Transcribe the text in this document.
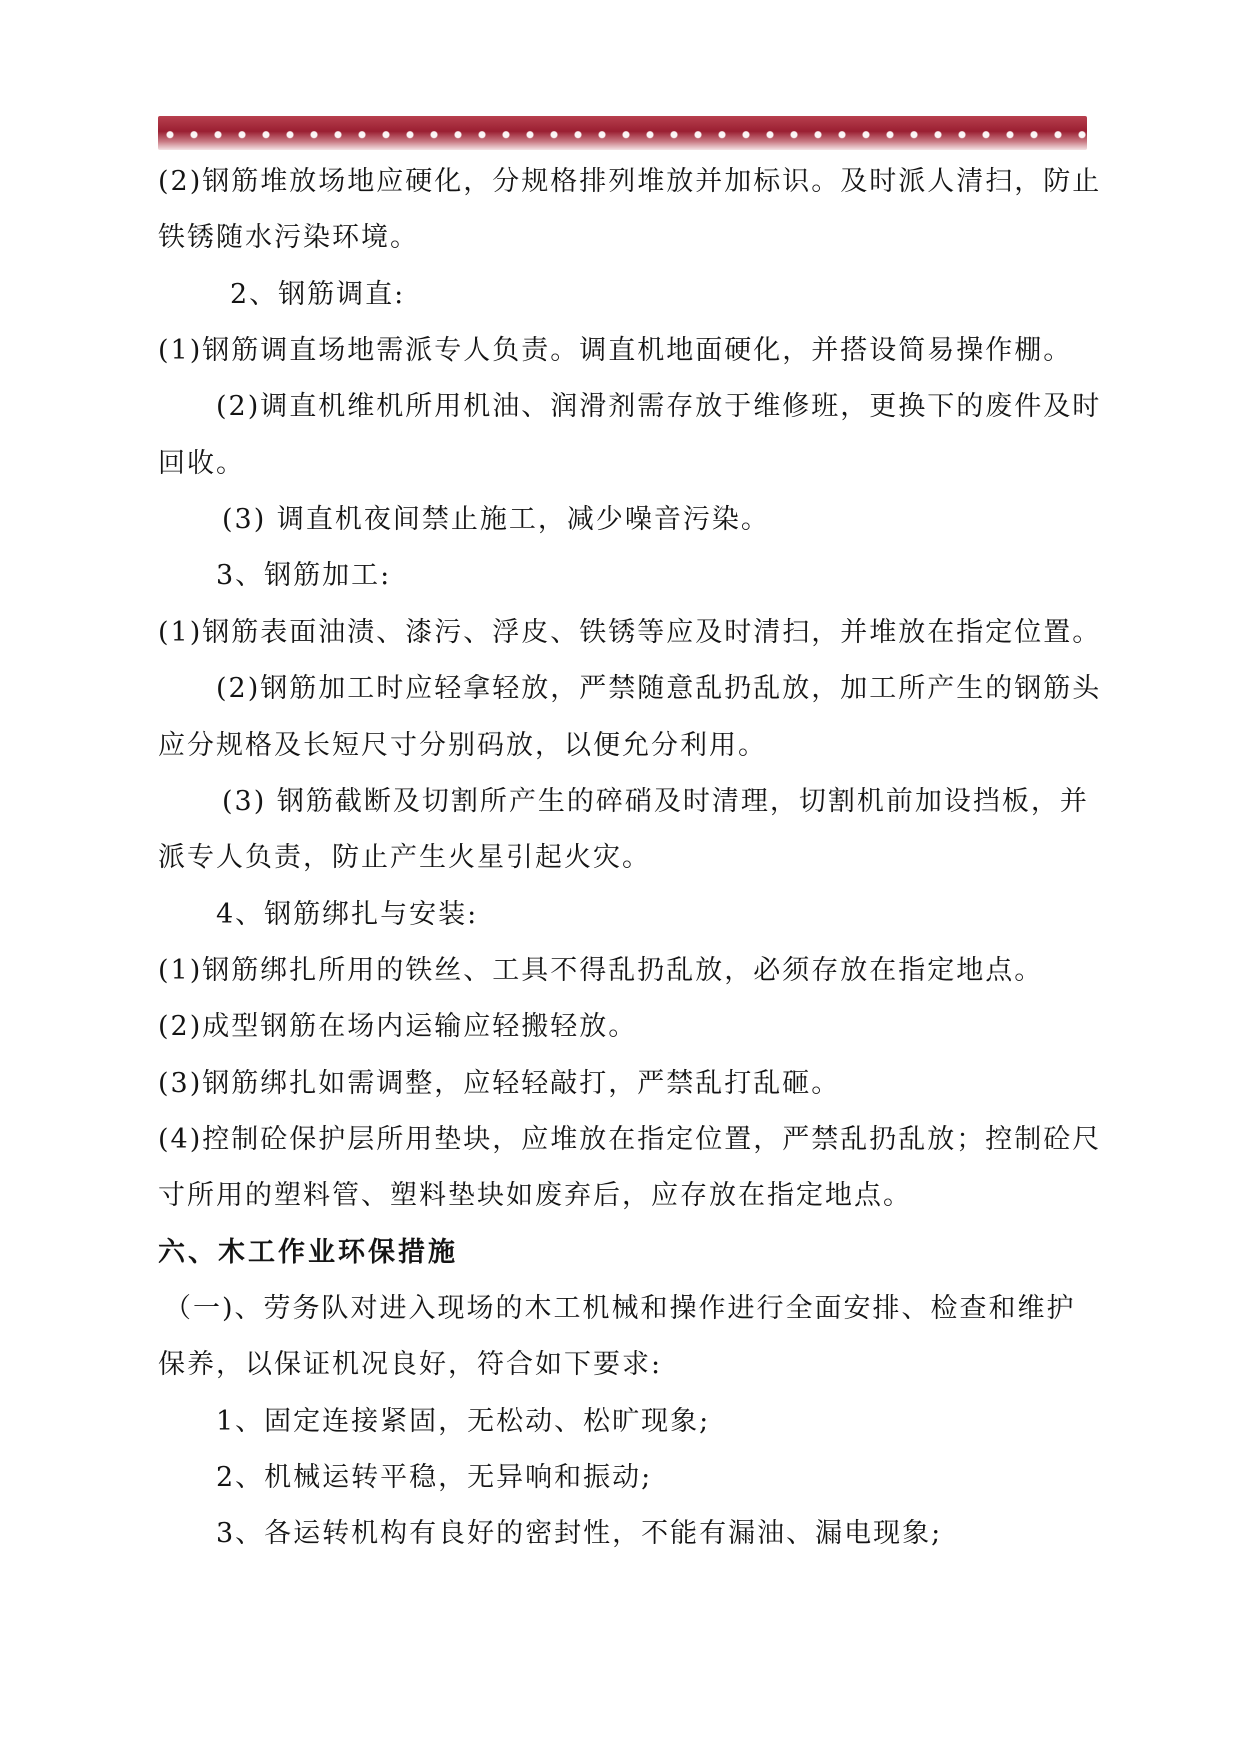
(2)钢筋堆放场地应硬化，分规格排列堆放并加标识。及时派人清扫，防止
铁锈随水污染环境。
2、钢筋调直:
(1)钢筋调直场地需派专人负责。调直机地面硬化，并搭设简易操作棚。
(2)调直机维机所用机油、润滑剂需存放于维修班，更换下的废件及时
回收。
(3) 调直机夜间禁止施工，减少噪音污染。
3、钢筋加工:
(1)钢筋表面油渍、漆污、浮皮、铁锈等应及时清扫，并堆放在指定位置。
(2)钢筋加工时应轻拿轻放，严禁随意乱扔乱放，加工所产生的钢筋头
应分规格及长短尺寸分别码放，以便允分利用。
(3) 钢筋截断及切割所产生的碎硝及时清理，切割机前加设挡板，并
派专人负责，防止产生火星引起火灾。
4、钢筋绑扎与安装:
(1)钢筋绑扎所用的铁丝、工具不得乱扔乱放，必须存放在指定地点。
(2)成型钢筋在场内运输应轻搬轻放。
(3)钢筋绑扎如需调整，应轻轻敲打，严禁乱打乱砸。
(4)控制砼保护层所用垫块，应堆放在指定位置，严禁乱扔乱放；控制砼尺
寸所用的塑料管、塑料垫块如废弃后，应存放在指定地点。
六、木工作业环保措施
（一)、劳务队对进入现场的木工机械和操作进行全面安排、检查和维护
保养，以保证机况良好，符合如下要求:
1、固定连接紧固，无松动、松旷现象;
2、机械运转平稳，无异响和振动;
3、各运转机构有良好的密封性，不能有漏油、漏电现象;
